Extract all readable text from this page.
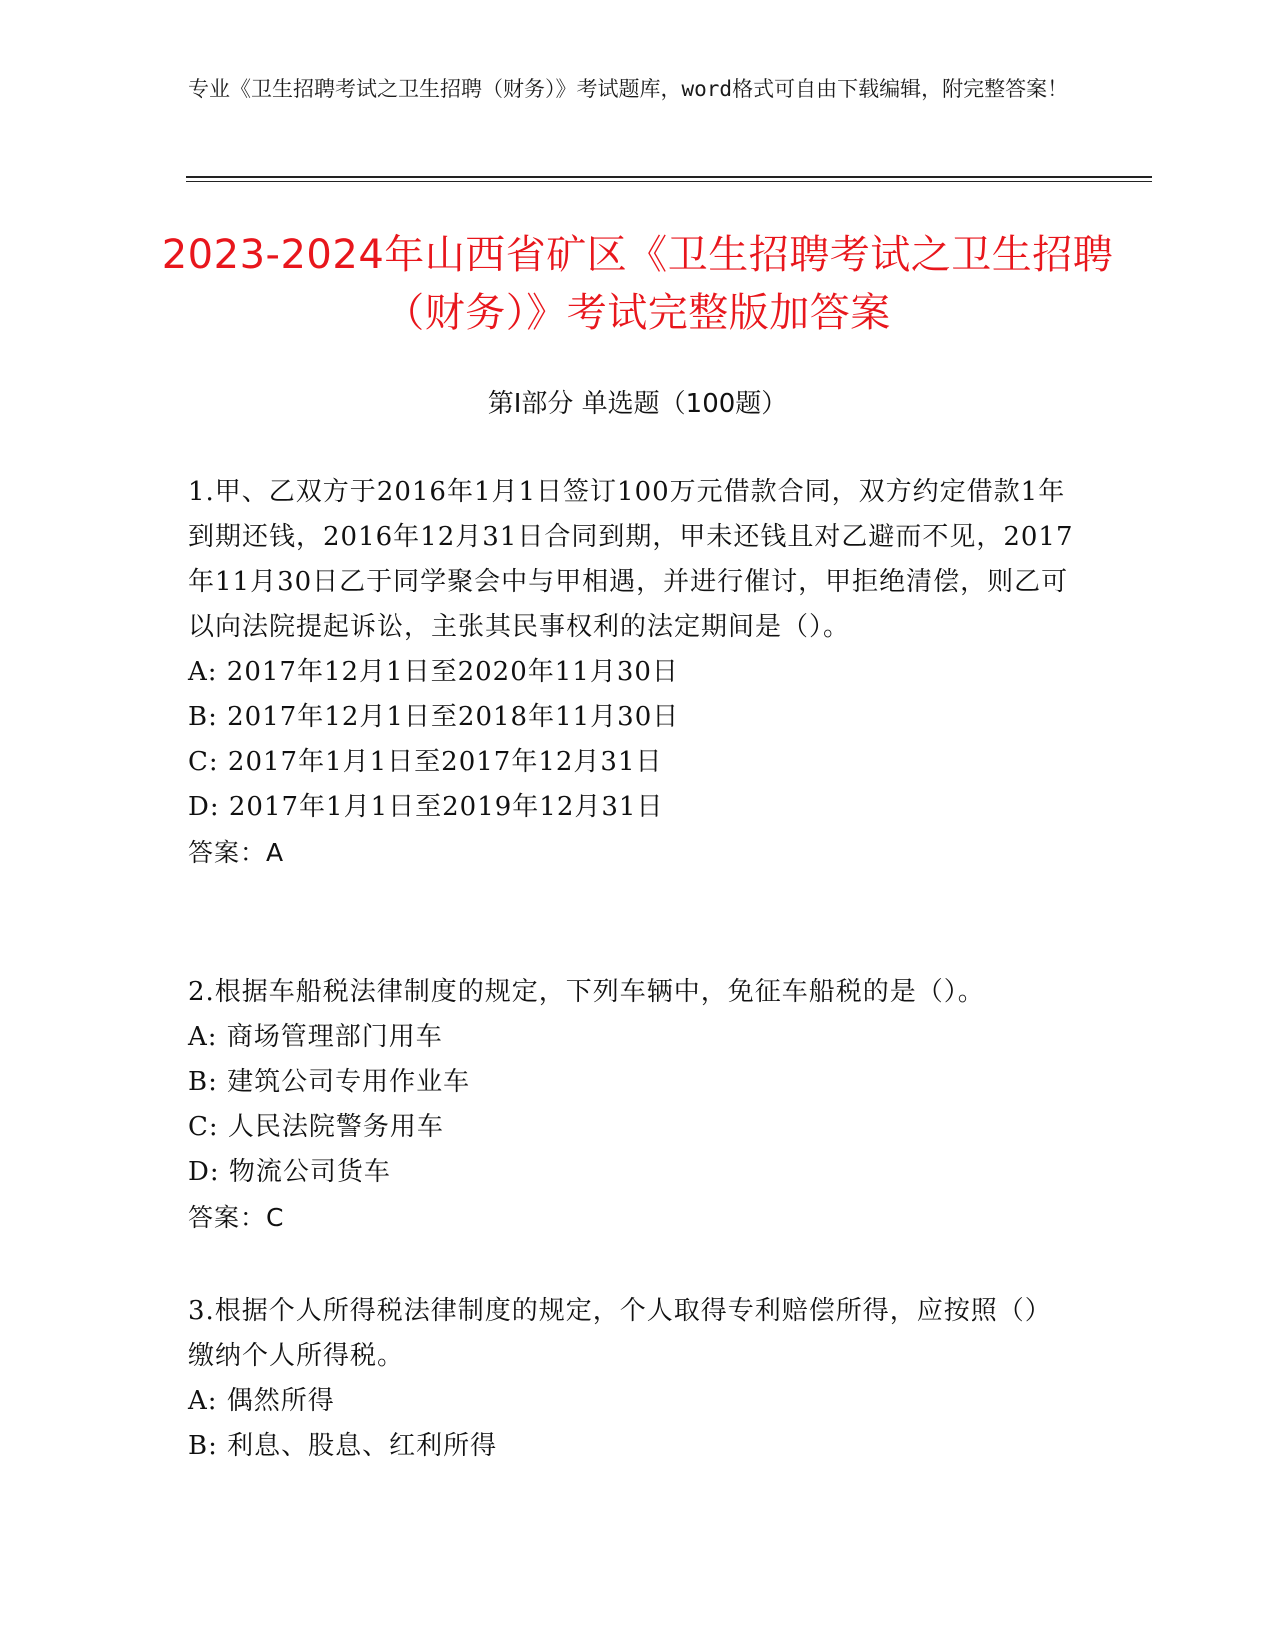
专业《卫生招聘考试之卫生招聘（财务）》考试题库，word格式可自由下载编辑，附完整答案！
2023-2024年山西省矿区《卫生招聘考试之卫生招聘（财务）》考试完整版加答案
第I部分 单选题（100题）

1.甲、乙双方于2016年1月1日签订100万元借款合同，双方约定借款1年到期还钱，2016年12月31日合同到期，甲未还钱且对乙避而不见，2017年11月30日乙于同学聚会中与甲相遇，并进行催讨，甲拒绝清偿，则乙可以向法院提起诉讼，主张其民事权利的法定期间是（）。

A: 2017年12月1日至2020年11月30日

B: 2017年12月1日至2018年11月30日

C: 2017年1月1日至2017年12月31日

D: 2017年1月1日至2019年12月31日

答案：A

2.根据车船税法律制度的规定，下列车辆中，免征车船税的是（）。

A: 商场管理部门用车

B: 建筑公司专用作业车

C: 人民法院警务用车

D: 物流公司货车

答案：C

3.根据个人所得税法律制度的规定，个人取得专利赔偿所得，应按照（）缴纳个人所得税。

A: 偶然所得

B: 利息、股息、红利所得
